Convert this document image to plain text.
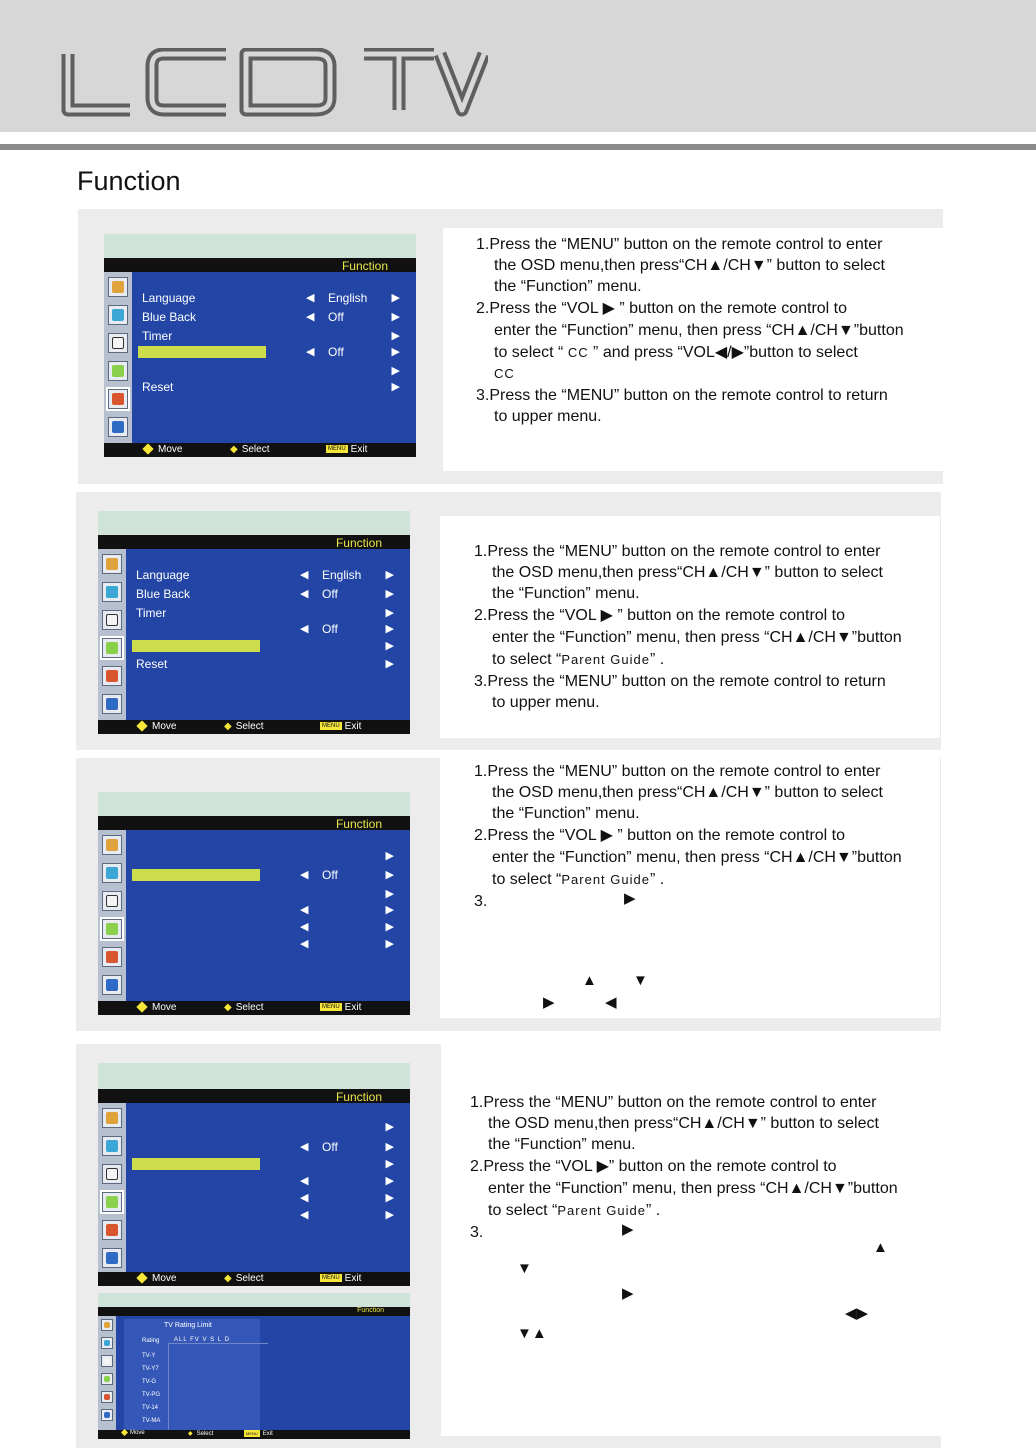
Function
Function
Language	◀ English	▶
Blue Back	◀ Off	▶
Timer	▶
◀ Off	▶
▶
Reset	▶
Move	◆ Select	MENU Exit

1.Press the “MENU” button on the remote control to enter

the OSD menu,then press“CH▲/CH▼” button to select

the “Function” menu.

2.Press the “VOL ▶ ” button on the remote control to

enter the “Function” menu, then press “CH▲/CH▼”button

to select “ CC ” and press “VOL◀/▶”button to select

CC

3.Press the “MENU” button on the remote control to return

to upper menu.

Function
Language	◀ English	▶
Blue Back	◀ Off	▶
Timer	▶
◀ Off	▶
▶
Reset	▶
Move	◆ Select	MENU Exit

1.Press the “MENU” button on the remote control to enter

the OSD menu,then press“CH▲/CH▼” button to select

the “Function” menu.

2.Press the “VOL ▶ ” button on the remote control to

enter the “Function” menu, then press “CH▲/CH▼”button

to select “Parent Guide” .

3.Press the “MENU” button on the remote control to return

to upper menu.

Function
▶
◀ Off	▶
▶
◀	▶
◀	▶
◀	▶
Move	◆ Select	MENU Exit

1.Press the “MENU” button on the remote control to enter

the OSD menu,then press“CH▲/CH▼” button to select

the “Function” menu.

2.Press the “VOL ▶ ” button on the remote control to

enter the “Function” menu, then press “CH▲/CH▼”button

to select “Parent Guide” .

3.	▶
▲ ▼
▶	◀
Function
▶
◀ Off	▶
▶
◀	▶
◀	▶
◀	▶
Move	◆ Select	MENU Exit
Function
TV Rating Limit
Rating ALL FV V S L D
TV-Y
TV-Y7
TV-G
TV-PG
TV-14
TV-MA
Move	◆ Select	MENU Exit

1.Press the “MENU” button on the remote control to enter

the OSD menu,then press“CH▲/CH▼” button to select

the “Function” menu.

2.Press the “VOL ▶” button on the remote control to

enter the “Function” menu, then press “CH▲/CH▼”button

to select “Parent Guide” .

3.	▶
▲
▼
▶
◀▶
▼▲
